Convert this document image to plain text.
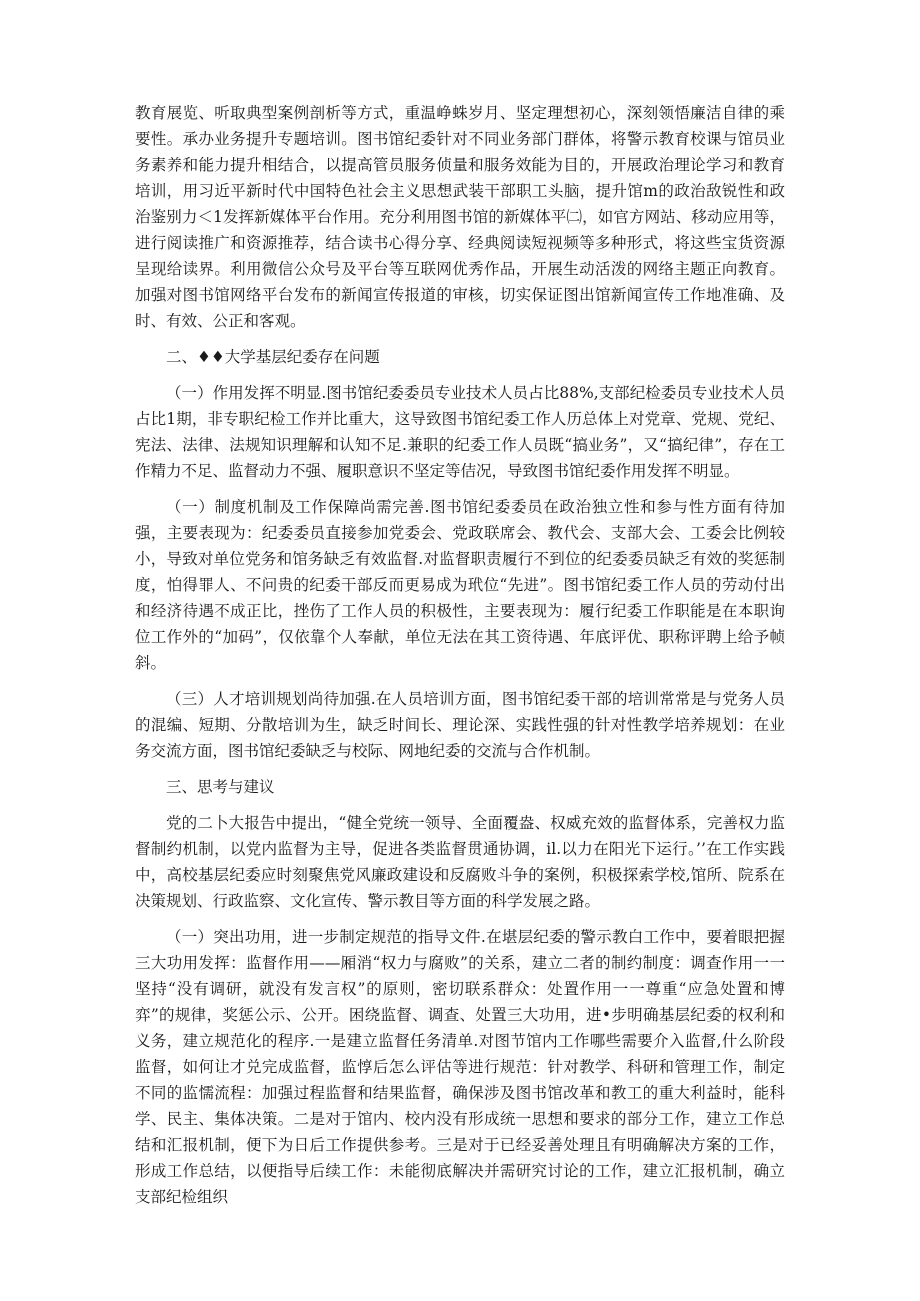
教育展览、听取典型案例剖析等方式，重温峥蛛岁月、坚定理想初心，深刻领悟廉洁自律的乘要性。承办业务提升专题培训。图书馆纪委针对不同业务部门群体，将警示教育校课与馆员业务素养和能力提升相结合，以提高管员服务侦量和服务效能为目的，开展政治理论学习和教育培训，用习近平新时代中国特色社会主义思想武装干部职工头脑，提升馆m的政治敌锐性和政治鉴别力＜1发挥新媒体平台作用。充分利用图书馆的新媒体平㈡，如官方网站、移动应用等，进行阅读推广和资源推荐，结合读书心得分享、经典阅读短视频等多种形式，将这些宝货资源呈现给读界。利用微信公众号及平台等互联网优秀作品，开展生动活泼的网络主题正向教育。加强对图书馆网络平台发布的新闻宣传报道的审核，切实保证图出馆新闻宣传工作地准确、及时、有效、公正和客观。

二、♦♦大学基层纪委存在问题

（一）作用发挥不明显.图书馆纪委委员专业技术人员占比88%,支部纪检委员专业技术人员占比1期，非专职纪检工作并比重大，这导致图书馆纪委工作人历总体上对党章、党规、党纪、宪法、法律、法规知识理解和认知不足.兼职的纪委工作人员既“搞业务”，又“搞纪律”，存在工作精力不足、监督动力不强、履职意识不坚定等佶况，导致图书馆纪委作用发挥不明显。

（一）制度机制及工作保障尚需完善.图书馆纪委委员在政治独立性和参与性方面有待加强，主要表现为：纪委委员直接参加党委会、党政联席会、教代会、支部大会、工委会比例较小，导致对单位党务和馆务缺乏有效监督.对监督职责履行不到位的纪委委员缺乏有效的奖惩制度，怕得罪人、不问贵的纪委干部反而更易成为玳位“先进”。图书馆纪委工作人员的劳动付出和经济待遇不成正比，挫伤了工作人员的积极性，主要表现为：履行纪委工作职能是在本职询位工作外的“加码”，仅依靠个人奉献，单位无法在其工资待遇、年底评优、职称评聘上给予帧斜。

（三）人才培训规划尚待加强.在人员培训方面，图书馆纪委干部的培训常常是与党务人员的混编、短期、分散培训为生，缺乏时间长、理论深、实践性强的针对性教学培养规划：在业务交流方面，图书馆纪委缺乏与校际、网地纪委的交流与合作机制。

三、思考与建议

党的二卜大报告中提出，“健全党统一领导、全面覆盎、权威充效的监督体系，完善权力监督制约机制，以党内监督为主导，促进各类监督贯通协调，il.以力在阳光下运行。’’在工作实践中，高校基层纪委应时刻聚焦党风廉政建设和反腐败斗争的案例，积极探索学校,馆所、院系在决策规划、行政监察、文化宣传、警示教目等方面的科学发展之路。

（一）突出功用，进一步制定规范的指导文件.在堪层纪委的警示教白工作中，要着眼把握三大功用发挥：监督作用——厢消“权力与腐败”的关系，建立二者的制约制度：调查作用一一坚持“没有调研，就没有发言权”的原则，密切联系群众：处置作用一一尊重“应急处置和博弈”的规律，奖惩公示、公开。困绕监督、调查、处置三大功用，进•步明确基层纪委的权利和义务，建立规范化的程序.一是建立监督任务清单.对图节馆内工作哪些需要介入监督,什么阶段监督，如何让才兑完成监督，监惇后怎么评估等进行规范：针对教学、科研和管理工作，制定不同的监懦流程：加强过程监督和结果监督，确保涉及图书馆改革和教工的重大利益时，能科学、民主、集体决策。二是对于馆内、校内没有形成统一思想和要求的部分工作，建立工作总结和汇报机制，便下为日后工作提供参考。三是对于已经妥善处理且有明确解决方案的工作，形成工作总结，以便指导后续工作：未能彻底解决并需研究讨论的工作，建立汇报机制，确立支部纪检组织
